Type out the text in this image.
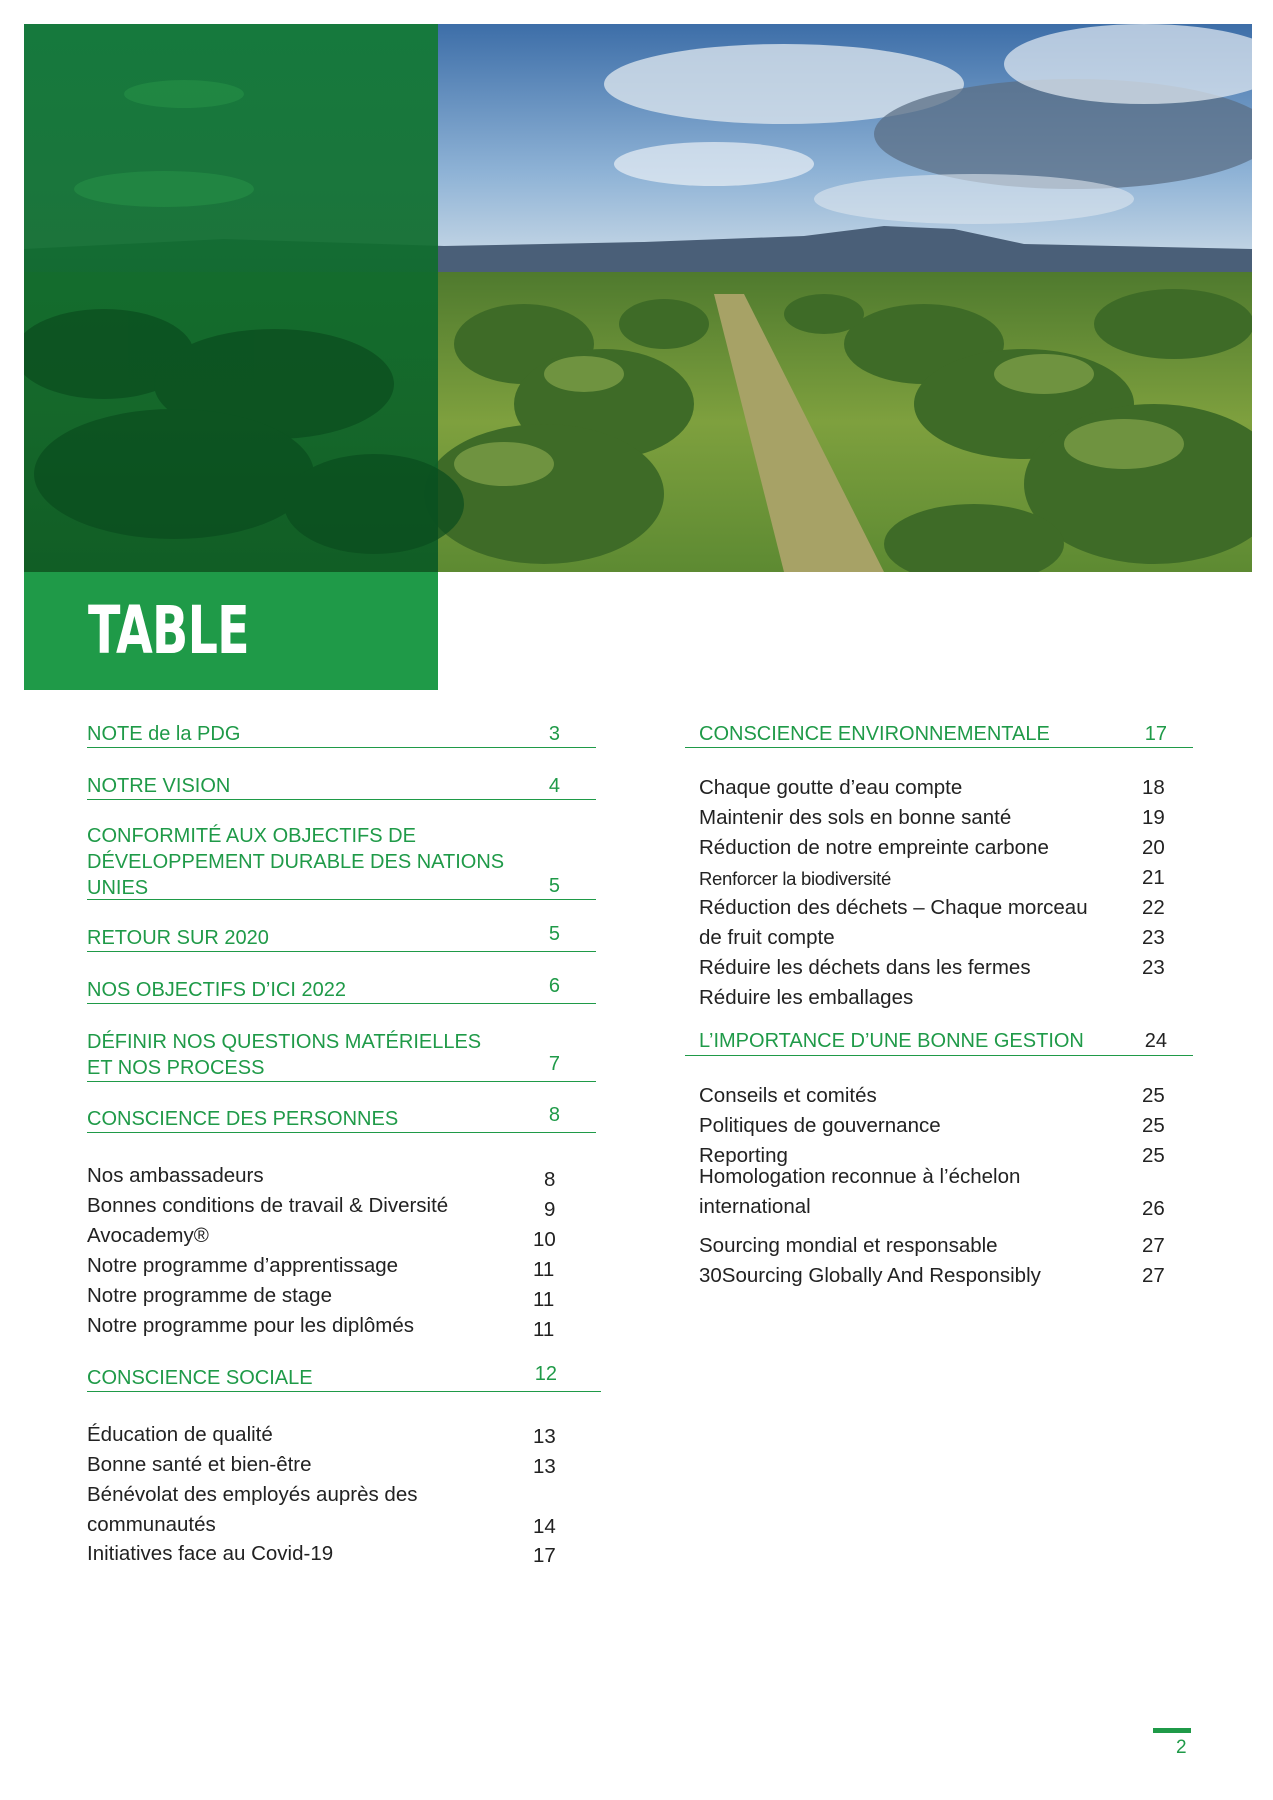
TABLE
NOTE de la PDG	3
NOTRE VISION	4
CONFORMITÉ AUX OBJECTIFS DE
DÉVELOPPEMENT DURABLE DES NATIONS
UNIES	5
RETOUR SUR 2020	5
NOS OBJECTIFS D’ICI 2022	6
DÉFINIR NOS QUESTIONS MATÉRIELLES
ET NOS PROCESS	7
CONSCIENCE DES PERSONNES	8
Nos ambassadeurs	8
Bonnes conditions de travail & Diversité	9
Avocademy®	10
Notre programme d’apprentissage	11
Notre programme de stage	11
Notre programme pour les diplômés	11
CONSCIENCE SOCIALE	12
Éducation de qualité	13
Bonne santé et bien-être	13
Bénévolat des employés auprès des
communautés	14
Initiatives face au Covid-19	17
CONSCIENCE ENVIRONNEMENTALE	17
Chaque goutte d’eau compte	18
Maintenir des sols en bonne santé	19
Réduction de notre empreinte carbone	20
Renforcer la biodiversité	21
Réduction des déchets – Chaque morceau	22
de fruit compte	23
Réduire les déchets dans les fermes	23
Réduire les emballages
L’IMPORTANCE D’UNE BONNE GESTION	24
Conseils et comités	25
Politiques de gouvernance	25
Reporting	25
Homologation reconnue à l’échelon
international	26
Sourcing mondial et responsable	27
30Sourcing Globally And Responsibly	27
2
